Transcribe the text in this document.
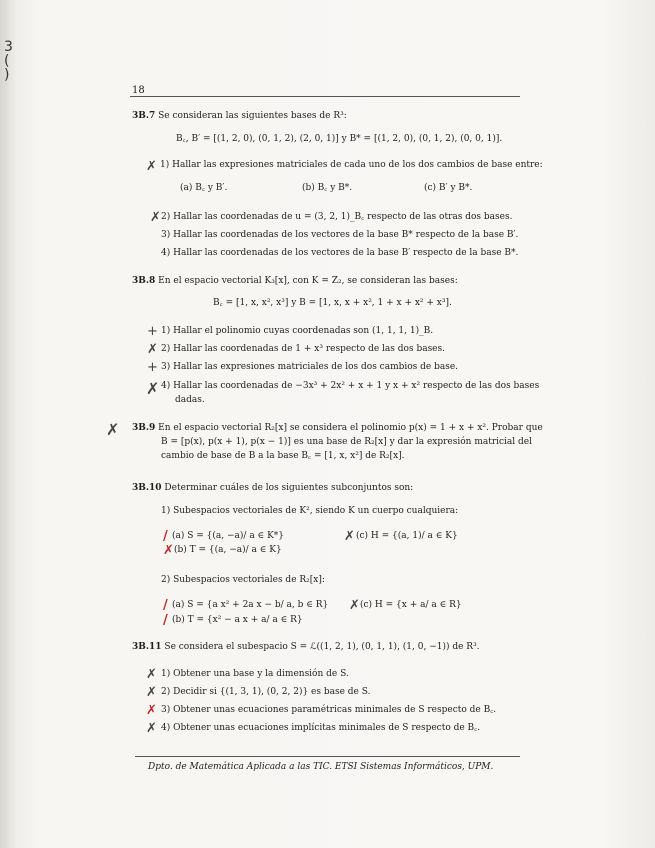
3
(
)
18
3B.7 Se consideran las siguientes bases de R³:
B꜀, B′ = [(1, 2, 0), (0, 1, 2), (2, 0, 1)] y B* = [(1, 2, 0), (0, 1, 2), (0, 0, 1)].
✗ 1) Hallar las expresiones matriciales de cada uno de los dos cambios de base entre:
(a) B꜀ y B′.	(b) B꜀ y B*.	(c) B′ y B*.
✗ 2) Hallar las coordenadas de u = (3, 2, 1)_B꜀ respecto de las otras dos bases.
3) Hallar las coordenadas de los vectores de la base B* respecto de la base B′.
4) Hallar las coordenadas de los vectores de la base B′ respecto de la base B*.
3B.8 En el espacio vectorial K₃[x], con K = Z₂, se consideran las bases:
B꜀ = [1, x, x², x³] y B = [1, x, x + x², 1 + x + x² + x³].
+ 1) Hallar el polinomio cuyas coordenadas son (1, 1, 1, 1)_B.
✗ 2) Hallar las coordenadas de 1 + x³ respecto de las dos bases.
+ 3) Hallar las expresiones matriciales de los dos cambios de base.
✗ 4) Hallar las coordenadas de −3x³ + 2x² + x + 1 y x + x² respecto de las dos bases
dadas.
✗ 3B.9 En el espacio vectorial R₂[x] se considera el polinomio p(x) = 1 + x + x². Probar que
B = [p(x), p(x + 1), p(x − 1)] es una base de R₂[x] y dar la expresión matricial del
cambio de base de B a la base B꜀ = [1, x, x²] de R₂[x].
3B.10 Determinar cuáles de los siguientes subconjuntos son:
1) Subespacios vectoriales de K², siendo K un cuerpo cualquiera:
/ (a) S = {(a, −a)/ a ∈ K*}
✗ (b) T = {(a, −a)/ a ∈ K}
✗ (c) H = {(a, 1)/ a ∈ K}
2) Subespacios vectoriales de R₂[x]:
/ (a) S = {a x² + 2a x − b/ a, b ∈ R}
/ (b) T = {x² − a x + a/ a ∈ R}
✗ (c) H = {x + a/ a ∈ R}
3B.11 Se considera el subespacio S = ℒ((1, 2, 1), (0, 1, 1), (1, 0, −1)) de R³.
✗ 1) Obtener una base y la dimensión de S.
✗ 2) Decidir si {(1, 3, 1), (0, 2, 2)} es base de S.
✗ 3) Obtener unas ecuaciones paramétricas minimales de S respecto de B꜀.
✗ 4) Obtener unas ecuaciones implícitas minimales de S respecto de B꜀.
Dpto. de Matemática Aplicada a las TIC. ETSI Sistemas Informáticos, UPM.
